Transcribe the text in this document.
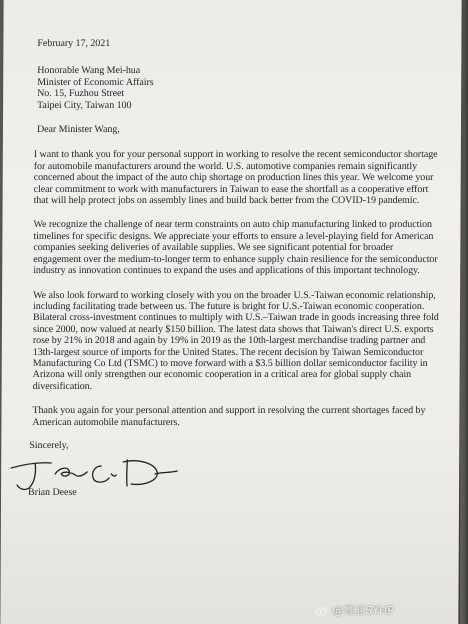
February 17, 2021
Honorable Wang Mei-hua
Minister of Economic Affairs
No. 15, Fuzhou Street
Taipei City, Taiwan 100
Dear Minister Wang,
I want to thank you for your personal support in working to resolve the recent semiconductor shortage for automobile manufacturers around the world. U.S. automotive companies remain significantly concerned about the impact of the auto chip shortage on production lines this year. We welcome your clear commitment to work with manufacturers in Taiwan to ease the shortfall as a cooperative effort that will help protect jobs on assembly lines and build back better from the COVID-19 pandemic.
We recognize the challenge of near term constraints on auto chip manufacturing linked to production timelines for specific designs. We appreciate your efforts to ensure a level-playing field for American companies seeking deliveries of available supplies. We see significant potential for broader engagement over the medium-to-longer term to enhance supply chain resilience for the semiconductor industry as innovation continues to expand the uses and applications of this important technology.
We also look forward to working closely with you on the broader U.S.-Taiwan economic relationship, including facilitating trade between us. The future is bright for U.S.-Taiwan economic cooperation. Bilateral cross-investment continues to multiply with U.S.–Taiwan trade in goods increasing three fold since 2000, now valued at nearly $150 billion. The latest data shows that Taiwan's direct U.S. exports rose by 21% in 2018 and again by 19% in 2019 as the 10th-largest merchandise trading partner and 13th-largest source of imports for the United States. The recent decision by Taiwan Semiconductor Manufacturing Co Ltd (TSMC) to move forward with a $3.5 billion dollar semiconductor facility in Arizona will only strengthen our economic cooperation in a critical area for global supply chain diversification.
Thank you again for your personal attention and support in resolving the current shortages faced by American automobile manufacturers.
Sincerely,
Brian Deese
@寰亚SYHP
